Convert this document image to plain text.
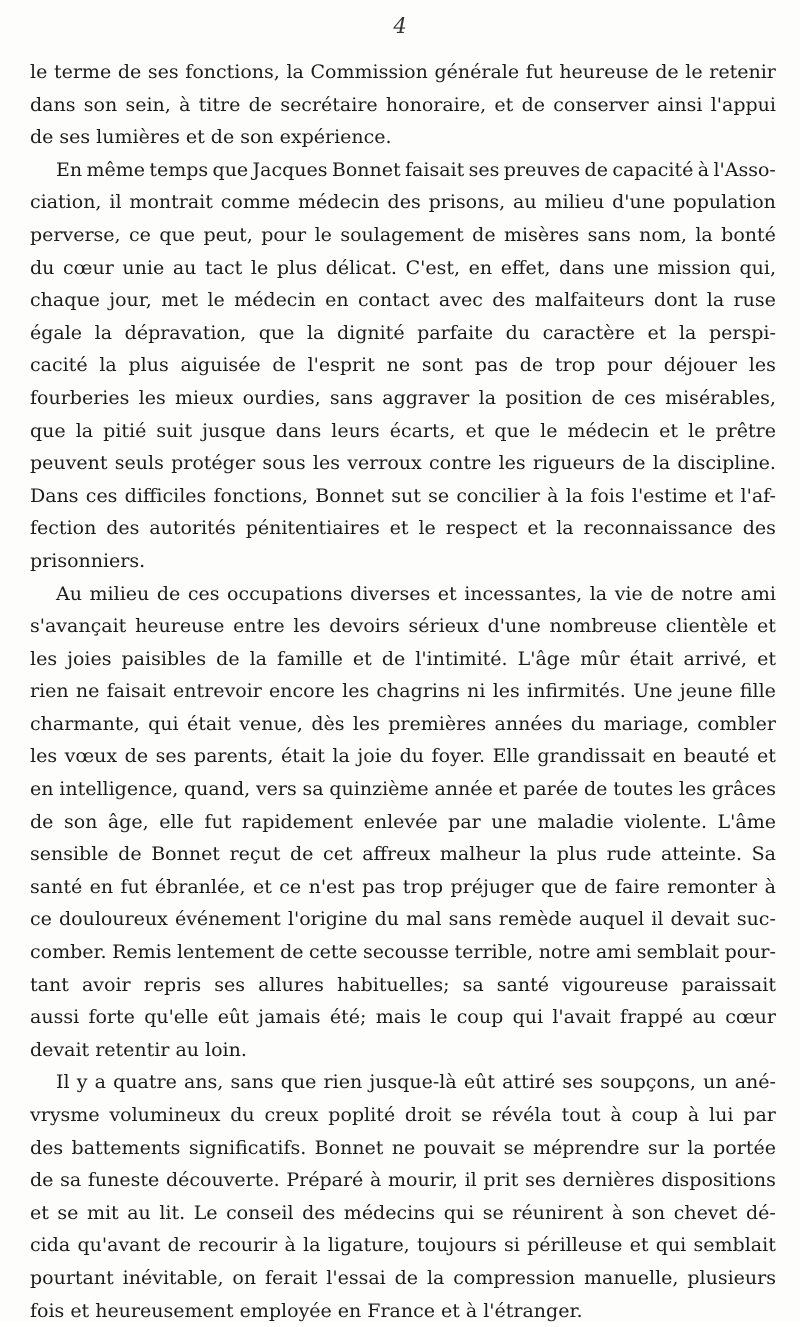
4
le terme de ses fonctions, la Commission générale fut heureuse de le retenir
dans son sein, à titre de secrétaire honoraire, et de conserver ainsi l'appui
de ses lumières et de son expérience.
En même temps que Jacques Bonnet faisait ses preuves de capacité à l'Asso-
ciation, il montrait comme médecin des prisons, au milieu d'une population
perverse, ce que peut, pour le soulagement de misères sans nom, la bonté
du cœur unie au tact le plus délicat. C'est, en effet, dans une mission qui,
chaque jour, met le médecin en contact avec des malfaiteurs dont la ruse
égale la dépravation, que la dignité parfaite du caractère et la perspi-
cacité la plus aiguisée de l'esprit ne sont pas de trop pour déjouer les
fourberies les mieux ourdies, sans aggraver la position de ces misérables,
que la pitié suit jusque dans leurs écarts, et que le médecin et le prêtre
peuvent seuls protéger sous les verroux contre les rigueurs de la discipline.
Dans ces difficiles fonctions, Bonnet sut se concilier à la fois l'estime et l'af-
fection des autorités pénitentiaires et le respect et la reconnaissance des
prisonniers.
Au milieu de ces occupations diverses et incessantes, la vie de notre ami
s'avançait heureuse entre les devoirs sérieux d'une nombreuse clientèle et
les joies paisibles de la famille et de l'intimité. L'âge mûr était arrivé, et
rien ne faisait entrevoir encore les chagrins ni les infirmités. Une jeune fille
charmante, qui était venue, dès les premières années du mariage, combler
les vœux de ses parents, était la joie du foyer. Elle grandissait en beauté et
en intelligence, quand, vers sa quinzième année et parée de toutes les grâces
de son âge, elle fut rapidement enlevée par une maladie violente. L'âme
sensible de Bonnet reçut de cet affreux malheur la plus rude atteinte. Sa
santé en fut ébranlée, et ce n'est pas trop préjuger que de faire remonter à
ce douloureux événement l'origine du mal sans remède auquel il devait suc-
comber. Remis lentement de cette secousse terrible, notre ami semblait pour-
tant avoir repris ses allures habituelles; sa santé vigoureuse paraissait
aussi forte qu'elle eût jamais été; mais le coup qui l'avait frappé au cœur
devait retentir au loin.
Il y a quatre ans, sans que rien jusque-là eût attiré ses soupçons, un ané-
vrysme volumineux du creux poplité droit se révéla tout à coup à lui par
des battements significatifs. Bonnet ne pouvait se méprendre sur la portée
de sa funeste découverte. Préparé à mourir, il prit ses dernières dispositions
et se mit au lit. Le conseil des médecins qui se réunirent à son chevet dé-
cida qu'avant de recourir à la ligature, toujours si périlleuse et qui semblait
pourtant inévitable, on ferait l'essai de la compression manuelle, plusieurs
fois et heureusement employée en France et à l'étranger.
